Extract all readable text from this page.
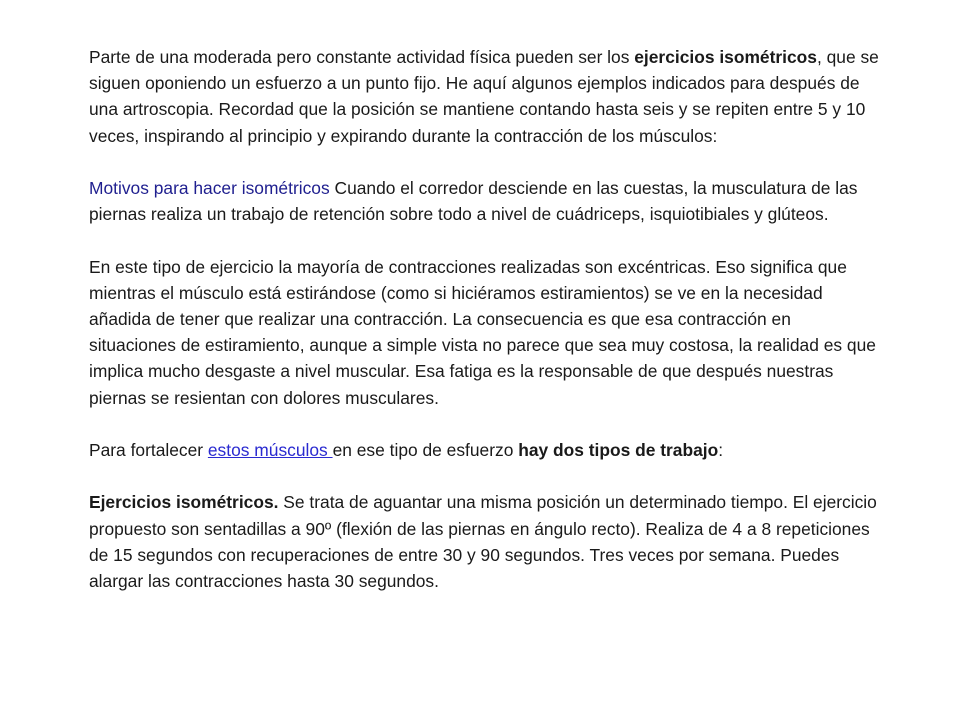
Parte de una moderada pero constante actividad física pueden ser los ejercicios isométricos, que se siguen oponiendo un esfuerzo a un punto fijo. He aquí algunos ejemplos indicados para después de una artroscopia. Recordad que la posición se mantiene contando hasta seis y se repiten entre 5 y 10 veces, inspirando al principio y expirando durante la contracción de los músculos:

Motivos para hacer isométricos Cuando el corredor desciende en las cuestas, la musculatura de las piernas realiza un trabajo de retención sobre todo a nivel de cuádriceps, isquiotibiales y glúteos.

En este tipo de ejercicio la mayoría de contracciones realizadas son excéntricas. Eso significa que mientras el músculo está estirándose (como si hiciéramos estiramientos) se ve en la necesidad añadida de tener que realizar una contracción. La consecuencia es que esa contracción en situaciones de estiramiento, aunque a simple vista no parece que sea muy costosa, la realidad es que implica mucho desgaste a nivel muscular. Esa fatiga es la responsable de que después nuestras piernas se resientan con dolores musculares.

Para fortalecer estos músculos en ese tipo de esfuerzo hay dos tipos de trabajo:

Ejercicios isométricos. Se trata de aguantar una misma posición un determinado tiempo. El ejercicio propuesto son sentadillas a 90º (flexión de las piernas en ángulo recto). Realiza de 4 a 8 repeticiones de 15 segundos con recuperaciones de entre 30 y 90 segundos. Tres veces por semana. Puedes alargar las contracciones hasta 30 segundos.
